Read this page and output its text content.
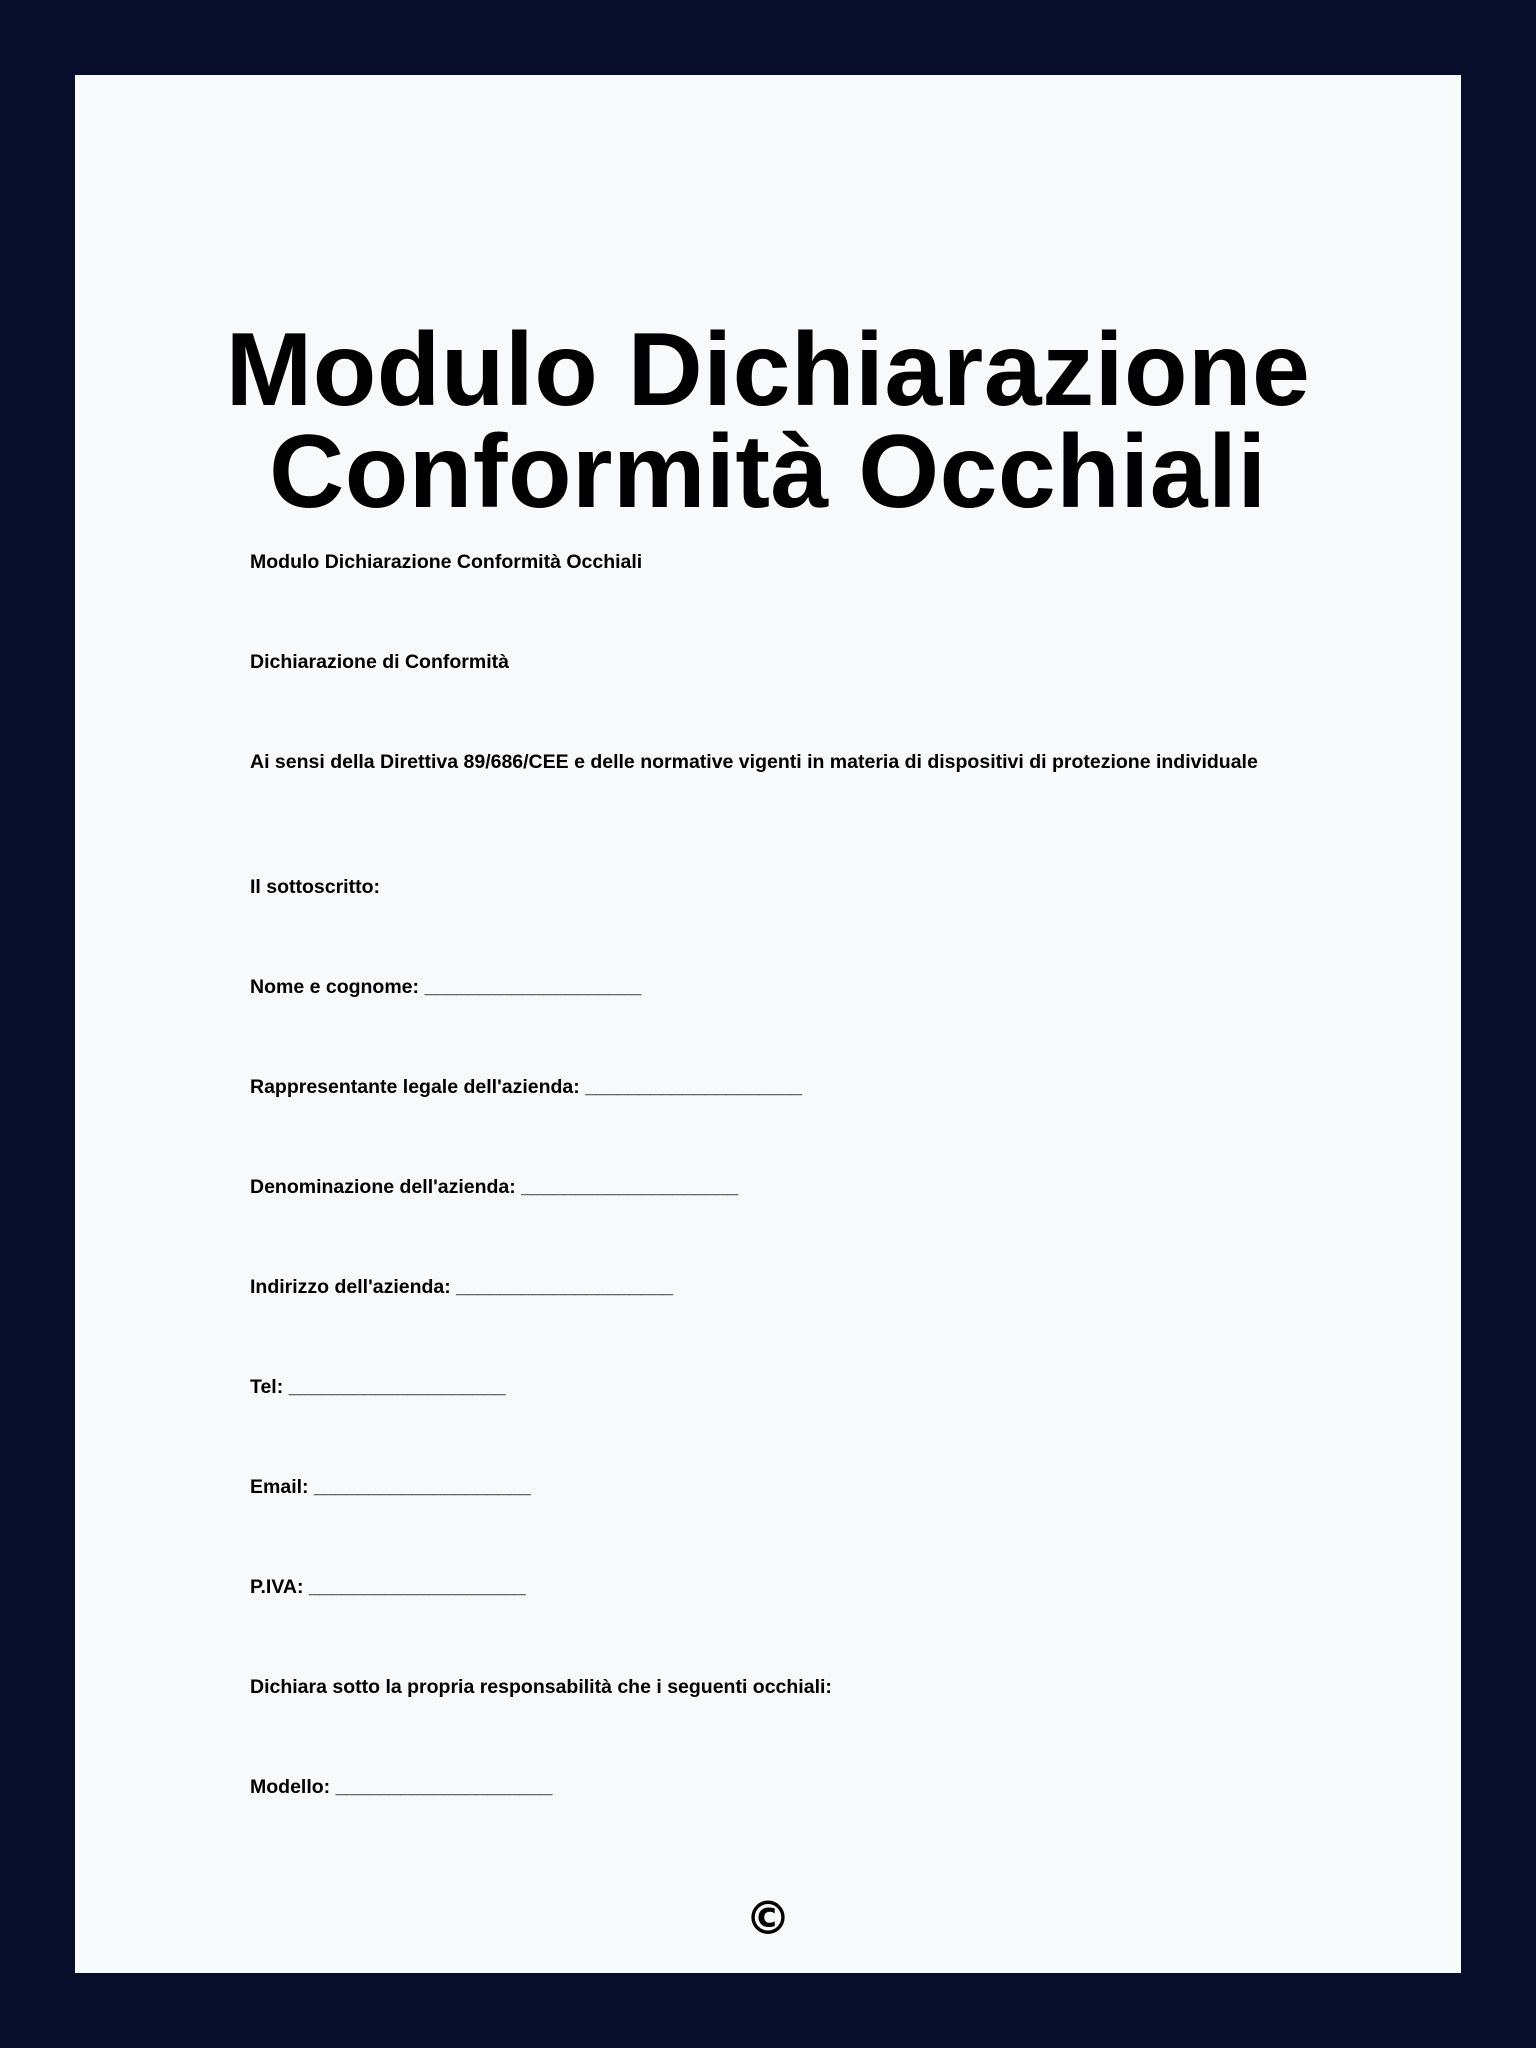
Modulo Dichiarazione Conformità Occhiali

Modulo Dichiarazione Conformità Occhiali

Dichiarazione di Conformità

Ai sensi della Direttiva 89/686/CEE e delle normative vigenti in materia di dispositivi di protezione individuale

Il sottoscritto:

Nome e cognome: ____________________

Rappresentante legale dell'azienda: ____________________

Denominazione dell'azienda: ____________________

Indirizzo dell'azienda: ____________________

Tel: ____________________

Email: ____________________

P.IVA: ____________________

Dichiara sotto la propria responsabilità che i seguenti occhiali:

Modello: ____________________

©
